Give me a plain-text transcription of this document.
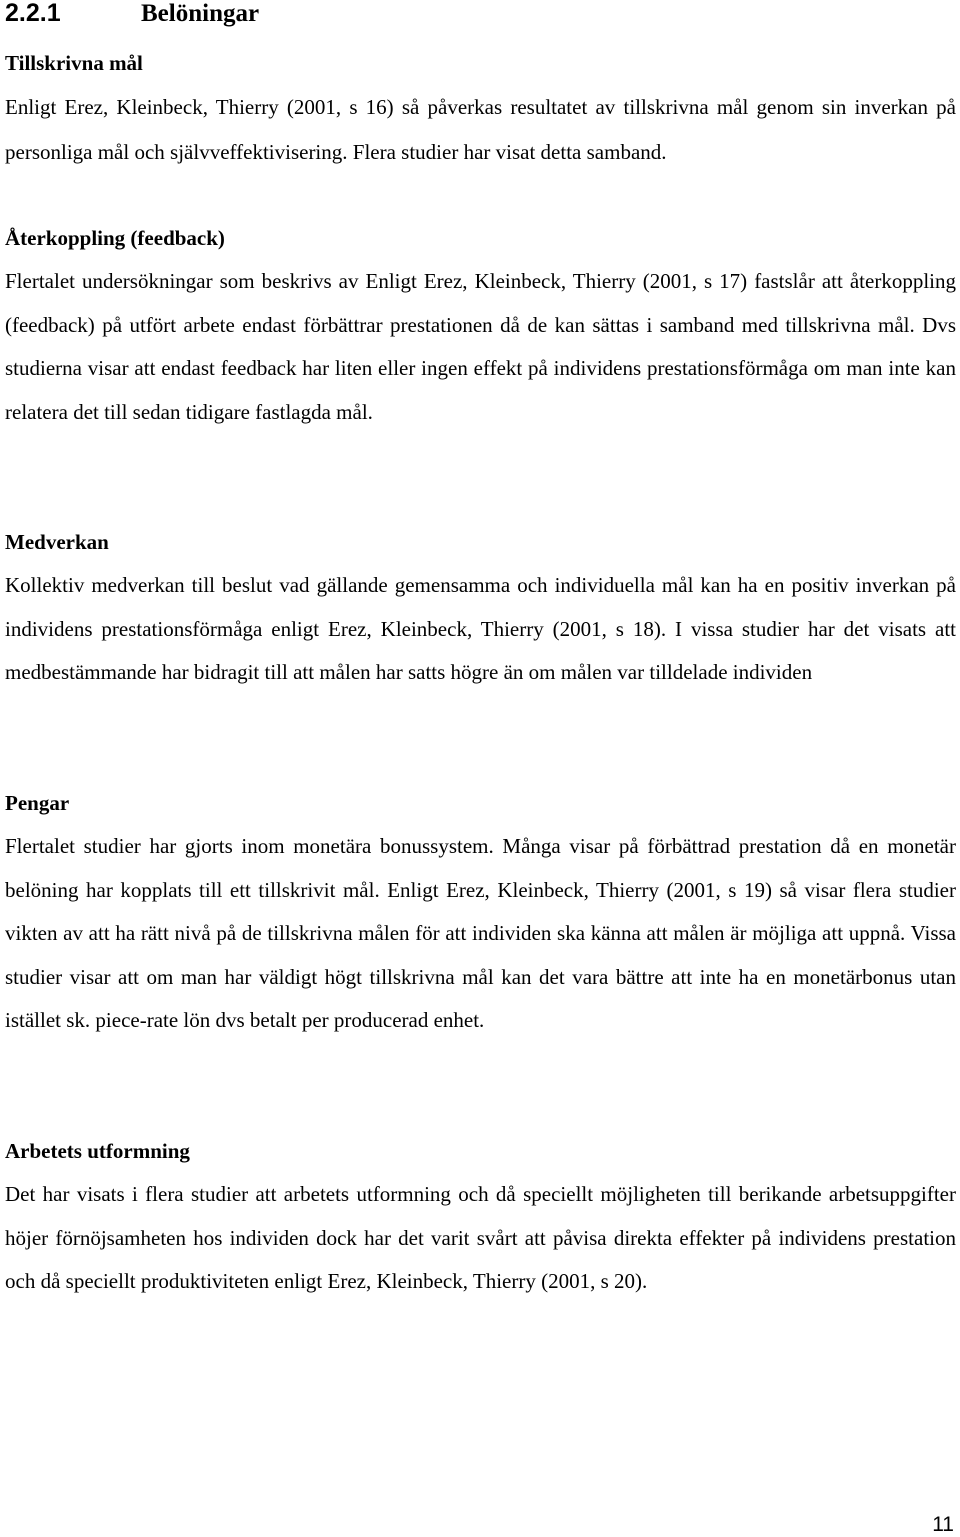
2.2.1	Belöningar
Tillskrivna mål

Enligt Erez, Kleinbeck, Thierry (2001, s 16) så påverkas resultatet av tillskrivna mål genom sin inverkan på personliga mål och självveffektivisering. Flera studier har visat detta samband.

Återkoppling (feedback)

Flertalet undersökningar som beskrivs av Enligt Erez, Kleinbeck, Thierry (2001, s 17) fastslår att återkoppling (feedback) på utfört arbete endast förbättrar prestationen då de kan sättas i samband med tillskrivna mål. Dvs studierna visar att endast feedback har liten eller ingen effekt på individens prestationsförmåga om man inte kan relatera det till sedan tidigare fastlagda mål.

Medverkan

Kollektiv medverkan till beslut vad gällande gemensamma och individuella mål kan ha en positiv inverkan på individens prestationsförmåga enligt Erez, Kleinbeck, Thierry (2001, s 18). I vissa studier har det visats att medbestämmande har bidragit till att målen har satts högre än om målen var tilldelade individen

Pengar

Flertalet studier har gjorts inom monetära bonussystem. Många visar på förbättrad prestation då en monetär belöning har kopplats till ett tillskrivit mål. Enligt Erez, Kleinbeck, Thierry (2001, s 19) så visar flera studier vikten av att ha rätt nivå på de tillskrivna målen för att individen ska känna att målen är möjliga att uppnå. Vissa studier visar att om man har väldigt högt tillskrivna mål kan det vara bättre att inte ha en monetärbonus utan istället sk. piece-rate lön dvs betalt per producerad enhet.

Arbetets utformning

Det har visats i flera studier att arbetets utformning och då speciellt möjligheten till berikande arbetsuppgifter höjer förnöjsamheten hos individen dock har det varit svårt att påvisa direkta effekter på individens prestation och då speciellt produktiviteten enligt Erez, Kleinbeck, Thierry (2001, s 20).

11
